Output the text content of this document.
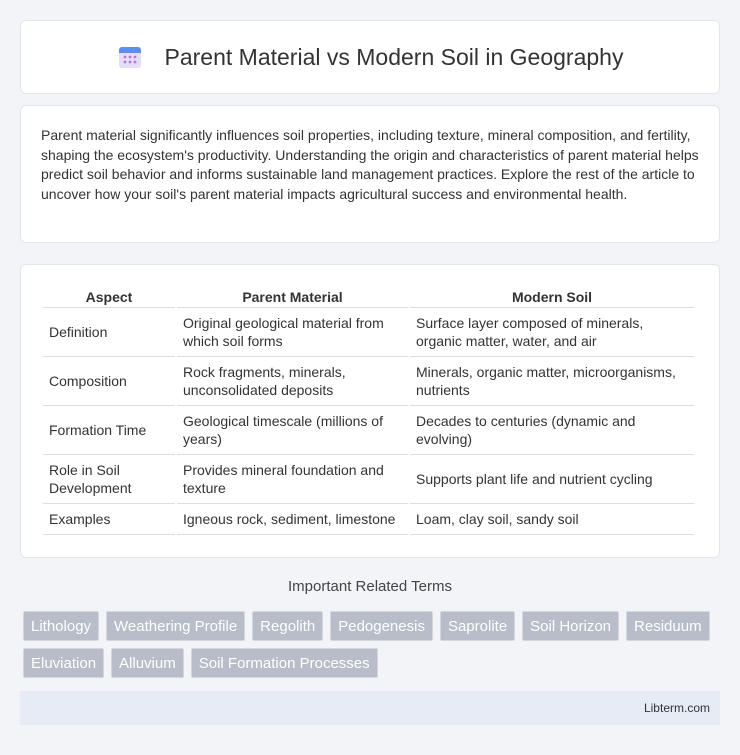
Parent Material vs Modern Soil in Geography

Parent material significantly influences soil properties, including texture, mineral composition, and fertility, shaping the ecosystem's productivity. Understanding the origin and characteristics of parent material helps predict soil behavior and informs sustainable land management practices. Explore the rest of the article to uncover how your soil's parent material impacts agricultural success and environmental health.

Aspect	Parent Material	Modern Soil
Definition	Original geological material from which soil forms	Surface layer composed of minerals, organic matter, water, and air
Composition	Rock fragments, minerals, unconsolidated deposits	Minerals, organic matter, microorganisms, nutrients
Formation Time	Geological timescale (millions of years)	Decades to centuries (dynamic and evolving)
Role in Soil Development	Provides mineral foundation and texture	Supports plant life and nutrient cycling
Examples	Igneous rock, sediment, limestone	Loam, clay soil, sandy soil
Important Related Terms
Lithology	Weathering Profile	Regolith	Pedogenesis	Saprolite	Soil Horizon	Residuum
Eluviation	Alluvium	Soil Formation Processes
Libterm.com
